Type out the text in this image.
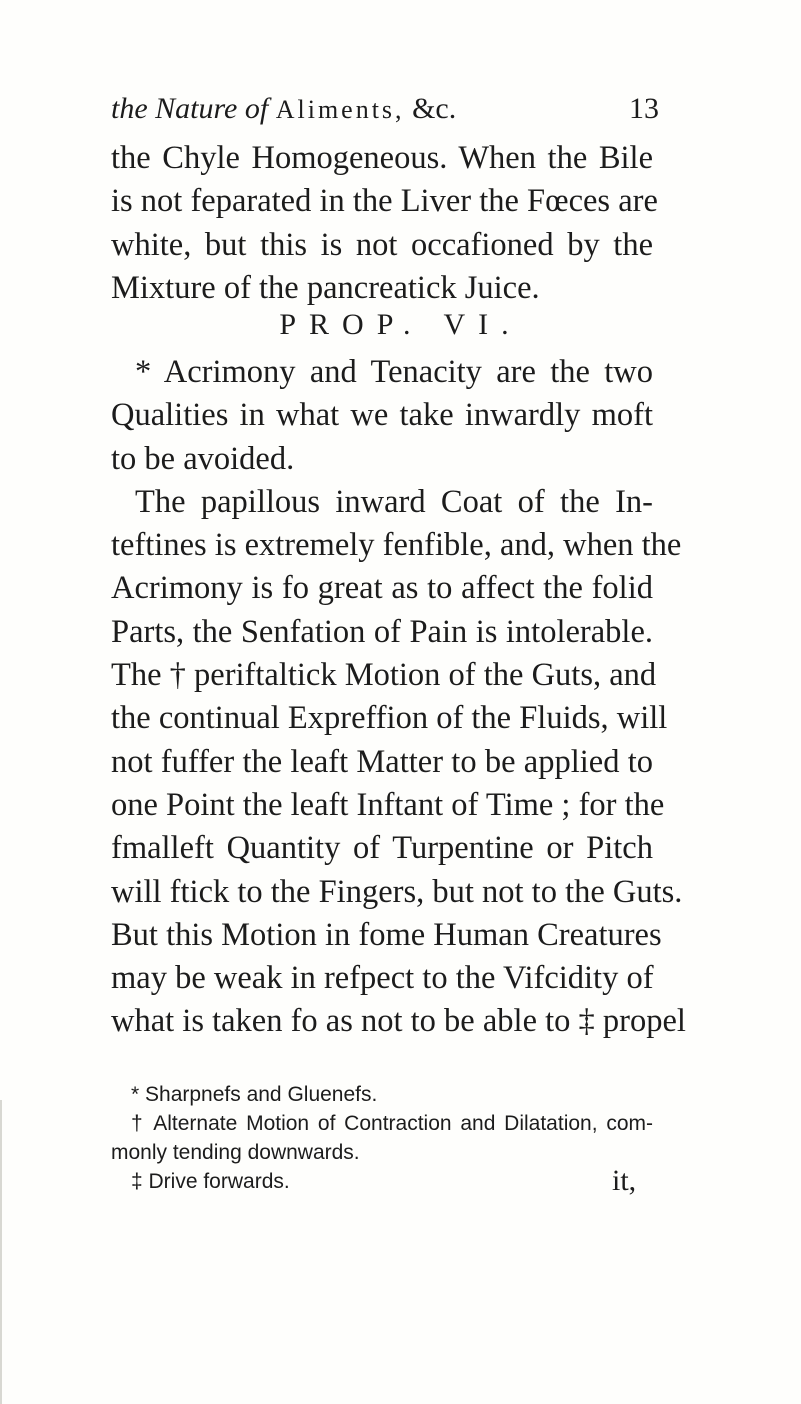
the Nature of Aliments, &c.	13
the Chyle Homogeneous. When the Bile
is not feparated in the Liver the Fœces are
white, but this is not occafioned by the
Mixture of the pancreatick Juice.
PROP. VI.
* Acrimony and Tenacity are the two
Qualities in what we take inwardly moft
to be avoided.
The papillous inward Coat of the In-
teftines is extremely fenfible, and, when the
Acrimony is fo great as to affect the folid
Parts, the Senfation of Pain is intolerable.
The † periftaltick Motion of the Guts, and
the continual Expreffion of the Fluids, will
not fuffer the leaft Matter to be applied to
one Point the leaft Inftant of Time ; for the
fmalleft Quantity of Turpentine or Pitch
will ftick to the Fingers, but not to the Guts.
But this Motion in fome Human Creatures
may be weak in refpect to the Vifcidity of
what is taken fo as not to be able to ‡ propel
* Sharpnefs and Gluenefs.
† Alternate Motion of Contraction and Dilatation, com-
monly tending downwards.
‡ Drive forwards.	it,
